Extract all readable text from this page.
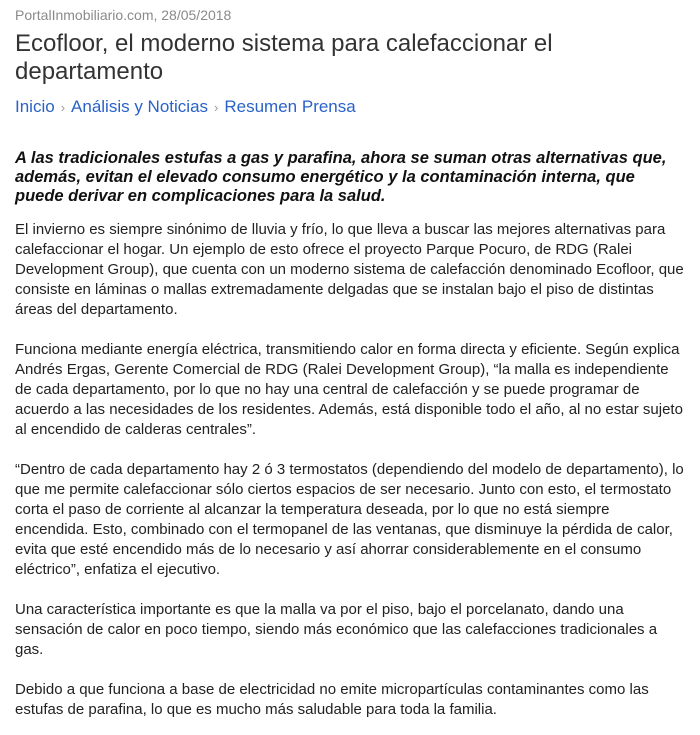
PortalInmobiliario.com, 28/05/2018
Ecofloor, el moderno sistema para calefaccionar el departamento
Inicio › Análisis y Noticias › Resumen Prensa
A las tradicionales estufas a gas y parafina, ahora se suman otras alternativas que, además, evitan el elevado consumo energético y la contaminación interna, que puede derivar en complicaciones para la salud.

El invierno es siempre sinónimo de lluvia y frío, lo que lleva a buscar las mejores alternativas para calefaccionar el hogar. Un ejemplo de esto ofrece el proyecto Parque Pocuro, de RDG (Ralei Development Group), que cuenta con un moderno sistema de calefacción denominado Ecofloor, que consiste en láminas o mallas extremadamente delgadas que se instalan bajo el piso de distintas áreas del departamento.

Funciona mediante energía eléctrica, transmitiendo calor en forma directa y eficiente. Según explica Andrés Ergas, Gerente Comercial de RDG (Ralei Development Group), “la malla es independiente de cada departamento, por lo que no hay una central de calefacción y se puede programar de acuerdo a las necesidades de los residentes. Además, está disponible todo el año, al no estar sujeto al encendido de calderas centrales”.

“Dentro de cada departamento hay 2 ó 3 termostatos (dependiendo del modelo de departamento), lo que me permite calefaccionar sólo ciertos espacios de ser necesario. Junto con esto, el termostato corta el paso de corriente al alcanzar la temperatura deseada, por lo que no está siempre encendida. Esto, combinado con el termopanel de las ventanas, que disminuye la pérdida de calor, evita que esté encendido más de lo necesario y así ahorrar considerablemente en el consumo eléctrico”, enfatiza el ejecutivo.

Una característica importante es que la malla va por el piso, bajo el porcelanato, dando una sensación de calor en poco tiempo, siendo más económico que las calefacciones tradicionales a gas.

Debido a que funciona a base de electricidad no emite micropartículas contaminantes como las estufas de parafina, lo que es mucho más saludable para toda la familia.
